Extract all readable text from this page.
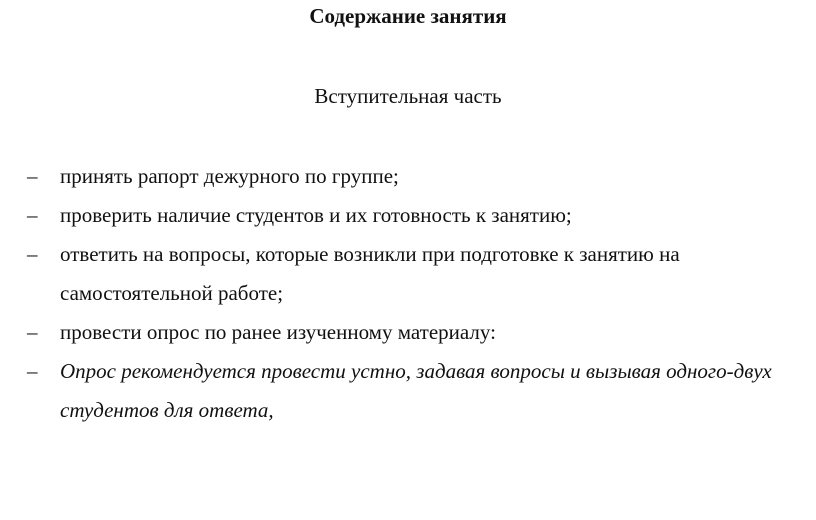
Содержание занятия
Вступительная часть
–	принять рапорт дежурного по группе;
–	проверить наличие студентов и их готовность к занятию;
–	ответить на вопросы, которые возникли при подготовке к занятию на самостоятельной работе;
–	провести опрос по ранее изученному материалу:
–	Опрос рекомендуется провести устно, задавая вопросы и вызывая одного-двух студентов для ответа,
